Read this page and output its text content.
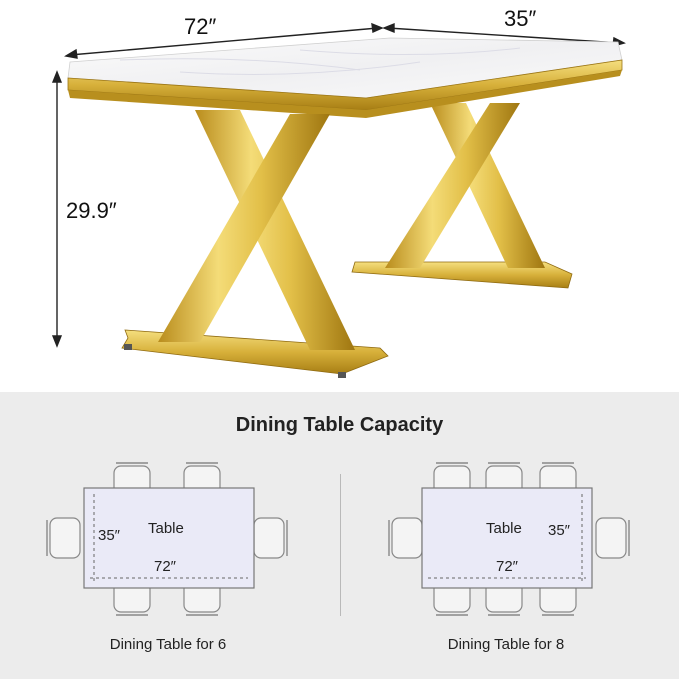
72″	35″
29.9″
Dining Table Capacity
Table
35″
72″
Dining Table for 6
Table 35″
72″
Dining Table for 8
